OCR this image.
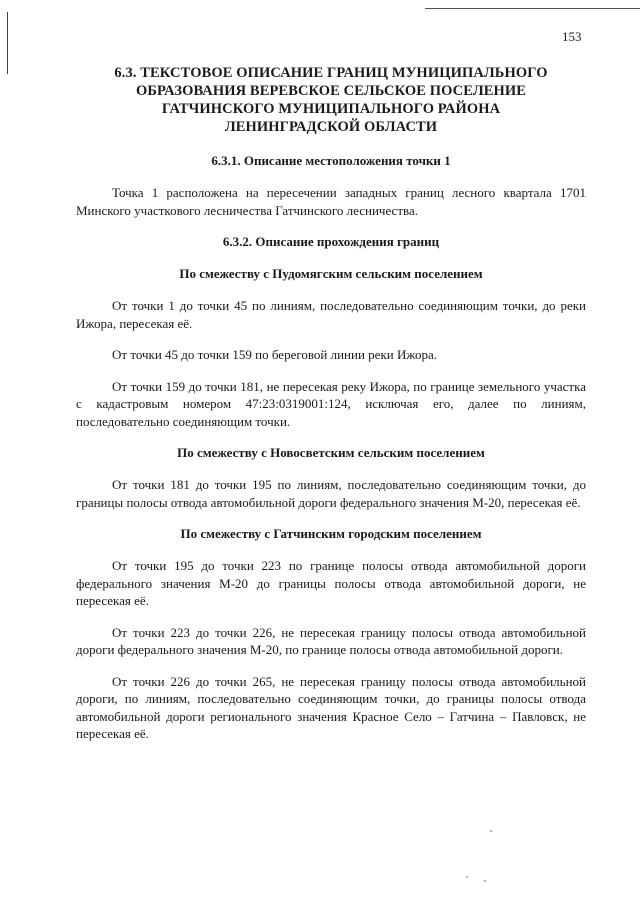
153
6.3. ТЕКСТОВОЕ ОПИСАНИЕ ГРАНИЦ МУНИЦИПАЛЬНОГО
ОБРАЗОВАНИЯ ВЕРЕВСКОЕ СЕЛЬСКОЕ ПОСЕЛЕНИЕ
ГАТЧИНСКОГО МУНИЦИПАЛЬНОГО РАЙОНА
ЛЕНИНГРАДСКОЙ ОБЛАСТИ
6.3.1. Описание местоположения точки 1

Точка 1 расположена на пересечении западных границ лесного квартала 1701 Минского участкового лесничества Гатчинского лесничества.

6.3.2. Описание прохождения границ
По смежеству с Пудомягским сельским поселением

От точки 1 до точки 45 по линиям, последовательно соединяющим точки, до реки Ижора, пересекая её.

От точки 45 до точки 159 по береговой линии реки Ижора.

От точки 159 до точки 181, не пересекая реку Ижора, по границе земельного участка с кадастровым номером 47:23:0319001:124, исключая его, далее по линиям, последовательно соединяющим точки.

По смежеству с Новосветским сельским поселением

От точки 181 до точки 195 по линиям, последовательно соединяющим точки, до границы полосы отвода автомобильной дороги федерального значения М-20, пересекая её.

По смежеству с Гатчинским городским поселением

От точки 195 до точки 223 по границе полосы отвода автомобильной дороги федерального значения М-20 до границы полосы отвода автомобильной дороги, не пересекая её.

От точки 223 до точки 226, не пересекая границу полосы отвода автомобильной дороги федерального значения М-20, по границе полосы отвода автомобильной дороги.

От точки 226 до точки 265, не пересекая границу полосы отвода автомобильной дороги, по линиям, последовательно соединяющим точки, до границы полосы отвода автомобильной дороги регионального значения Красное Село – Гатчина – Павловск, не пересекая её.
